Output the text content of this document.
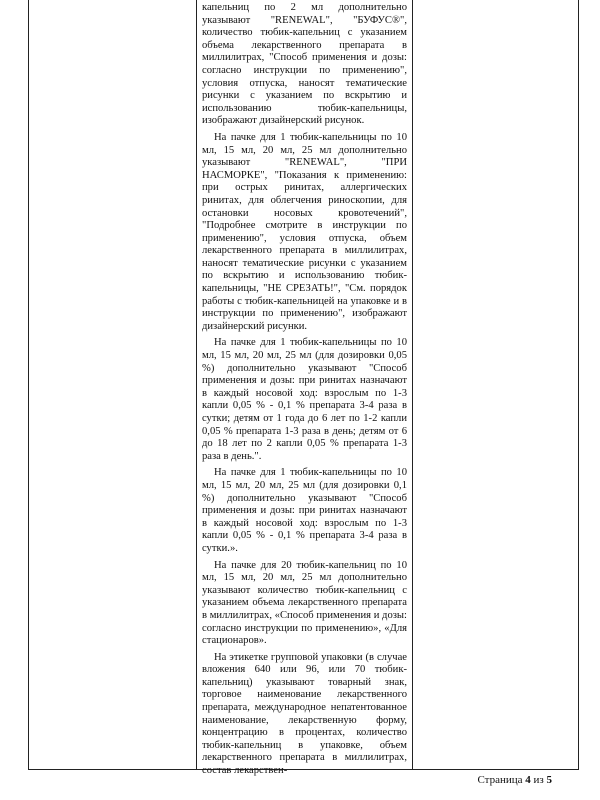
капельниц по 2 мл дополнительно указывают "RENEWAL", "БУФУС®", количество тюбик-капельниц с указанием объема лекарственного препарата в миллилитрах, "Способ применения и дозы: согласно инструкции по применению", условия отпуска, наносят тематические рисунки с указанием по вскрытию и использованию тюбик-капельницы, изображают дизайнерский рисунок.

На пачке для 1 тюбик-капельницы по 10 мл, 15 мл, 20 мл, 25 мл дополнительно указывают "RENEWAL", "ПРИ НАСМОРКЕ", "Показания к применению: при острых ринитах, аллергических ринитах, для облегчения риноскопии, для остановки носовых кровотечений", "Подробнее смотрите в инструкции по применению", условия отпуска, объем лекарственного препарата в миллилитрах, наносят тематические рисунки с указанием по вскрытию и использованию тюбик-капельницы, "НЕ СРЕЗАТЬ!", "См. порядок работы с тюбик-капельницей на упаковке и в инструкции по применению", изображают дизайнерский рисунки.

На пачке для 1 тюбик-капельницы по 10 мл, 15 мл, 20 мл, 25 мл (для дозировки 0,05 %) дополнительно указывают "Способ применения и дозы: при ринитах назначают в каждый носовой ход: взрослым по 1-3 капли 0,05 % - 0,1 % препарата 3-4 раза в сутки; детям от 1 года до 6 лет по 1-2 капли 0,05 % препарата 1-3 раза в день; детям от 6 до 18 лет по 2 капли 0,05 % препарата 1-3 раза в день.".

На пачке для 1 тюбик-капельницы по 10 мл, 15 мл, 20 мл, 25 мл (для дозировки 0,1 %) дополнительно указывают "Способ применения и дозы: при ринитах назначают в каждый носовой ход: взрослым по 1-3 капли 0,05 % - 0,1 % препарата 3-4 раза в сутки.».

На пачке для 20 тюбик-капельниц по 10 мл, 15 мл, 20 мл, 25 мл дополнительно указывают количество тюбик-капельниц с указанием объема лекарственного препарата в миллилитрах, «Способ применения и дозы: согласно инструкции по применению», «Для стационаров».

На этикетке групповой упаковки (в случае вложения 640 или 96, или 70 тюбик-капельниц) указывают товарный знак, торговое наименование лекарственного препарата, международное непатентованное наименование, лекарственную форму, концентрацию в процентах, количество тюбик-капельниц в упаковке, объем лекарственного препарата в миллилитрах, состав лекарствен-

Страница 4 из 5
